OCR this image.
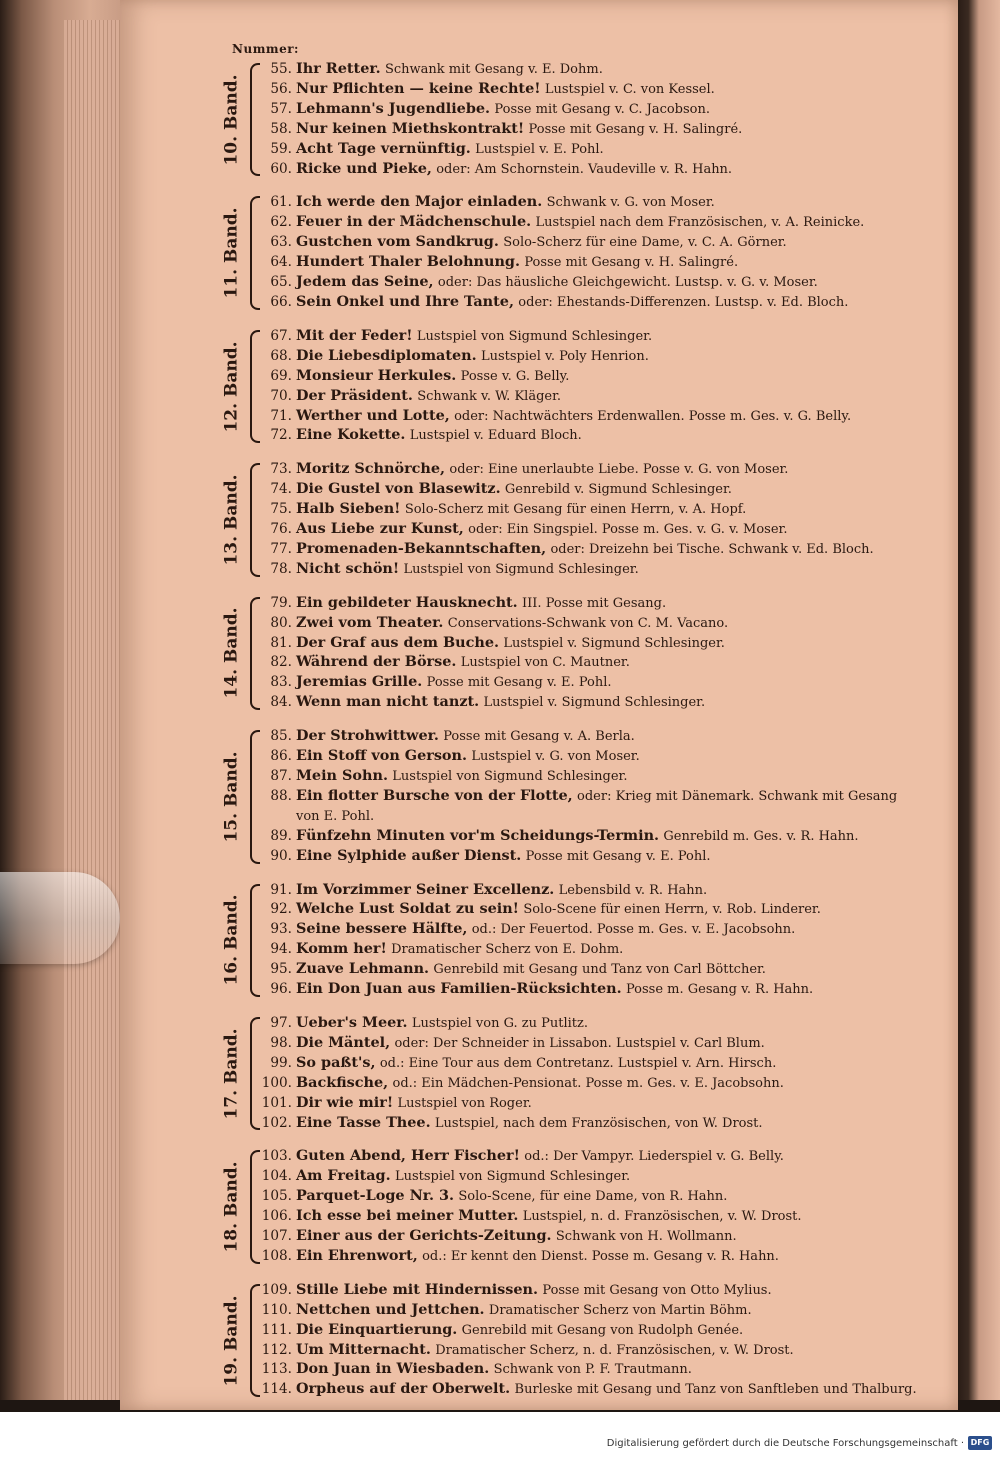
Nummer:
10. Band.
55. Ihr Retter. Schwank mit Gesang v. E. Dohm.
56. Nur Pflichten — keine Rechte! Lustspiel v. C. von Kessel.
57. Lehmann's Jugendliebe. Posse mit Gesang v. C. Jacobson.
58. Nur keinen Miethskontrakt! Posse mit Gesang v. H. Salingré.
59. Acht Tage vernünftig. Lustspiel v. E. Pohl.
60. Ricke und Pieke, oder: Am Schornstein. Vaudeville v. R. Hahn.
11. Band.
61. Ich werde den Major einladen. Schwank v. G. von Moser.
62. Feuer in der Mädchenschule. Lustspiel nach dem Französischen, v. A. Reinicke.
63. Gustchen vom Sandkrug. Solo-Scherz für eine Dame, v. C. A. Görner.
64. Hundert Thaler Belohnung. Posse mit Gesang v. H. Salingré.
65. Jedem das Seine, oder: Das häusliche Gleichgewicht. Lustsp. v. G. v. Moser.
66. Sein Onkel und Ihre Tante, oder: Ehestands-Differenzen. Lustsp. v. Ed. Bloch.
12. Band.
67. Mit der Feder! Lustspiel von Sigmund Schlesinger.
68. Die Liebesdiplomaten. Lustspiel v. Poly Henrion.
69. Monsieur Herkules. Posse v. G. Belly.
70. Der Präsident. Schwank v. W. Kläger.
71. Werther und Lotte, oder: Nachtwächters Erdenwallen. Posse m. Ges. v. G. Belly.
72. Eine Kokette. Lustspiel v. Eduard Bloch.
13. Band.
73. Moritz Schnörche, oder: Eine unerlaubte Liebe. Posse v. G. von Moser.
74. Die Gustel von Blasewitz. Genrebild v. Sigmund Schlesinger.
75. Halb Sieben! Solo-Scherz mit Gesang für einen Herrn, v. A. Hopf.
76. Aus Liebe zur Kunst, oder: Ein Singspiel. Posse m. Ges. v. G. v. Moser.
77. Promenaden-Bekanntschaften, oder: Dreizehn bei Tische. Schwank v. Ed. Bloch.
78. Nicht schön! Lustspiel von Sigmund Schlesinger.
14. Band.
79. Ein gebildeter Hausknecht. III. Posse mit Gesang.
80. Zwei vom Theater. Conservations-Schwank von C. M. Vacano.
81. Der Graf aus dem Buche. Lustspiel v. Sigmund Schlesinger.
82. Während der Börse. Lustspiel von C. Mautner.
83. Jeremias Grille. Posse mit Gesang v. E. Pohl.
84. Wenn man nicht tanzt. Lustspiel v. Sigmund Schlesinger.
15. Band.
85. Der Strohwittwer. Posse mit Gesang v. A. Berla.
86. Ein Stoff von Gerson. Lustspiel v. G. von Moser.
87. Mein Sohn. Lustspiel von Sigmund Schlesinger.
88. Ein flotter Bursche von der Flotte, oder: Krieg mit Dänemark. Schwank mit Gesang von E. Pohl.
89. Fünfzehn Minuten vor'm Scheidungs-Termin. Genrebild m. Ges. v. R. Hahn.
90. Eine Sylphide außer Dienst. Posse mit Gesang v. E. Pohl.
16. Band.
91. Im Vorzimmer Seiner Excellenz. Lebensbild v. R. Hahn.
92. Welche Lust Soldat zu sein! Solo-Scene für einen Herrn, v. Rob. Linderer.
93. Seine bessere Hälfte, od.: Der Feuertod. Posse m. Ges. v. E. Jacobsohn.
94. Komm her! Dramatischer Scherz von E. Dohm.
95. Zuave Lehmann. Genrebild mit Gesang und Tanz von Carl Böttcher.
96. Ein Don Juan aus Familien-Rücksichten. Posse m. Gesang v. R. Hahn.
17. Band.
97. Ueber's Meer. Lustspiel von G. zu Putlitz.
98. Die Mäntel, oder: Der Schneider in Lissabon. Lustspiel v. Carl Blum.
99. So paßt's, od.: Eine Tour aus dem Contretanz. Lustspiel v. Arn. Hirsch.
100. Backfische, od.: Ein Mädchen-Pensionat. Posse m. Ges. v. E. Jacobsohn.
101. Dir wie mir! Lustspiel von Roger.
102. Eine Tasse Thee. Lustspiel, nach dem Französischen, von W. Drost.
18. Band.
103. Guten Abend, Herr Fischer! od.: Der Vampyr. Liederspiel v. G. Belly.
104. Am Freitag. Lustspiel von Sigmund Schlesinger.
105. Parquet-Loge Nr. 3. Solo-Scene, für eine Dame, von R. Hahn.
106. Ich esse bei meiner Mutter. Lustspiel, n. d. Französischen, v. W. Drost.
107. Einer aus der Gerichts-Zeitung. Schwank von H. Wollmann.
108. Ein Ehrenwort, od.: Er kennt den Dienst. Posse m. Gesang v. R. Hahn.
19. Band.
109. Stille Liebe mit Hindernissen. Posse mit Gesang von Otto Mylius.
110. Nettchen und Jettchen. Dramatischer Scherz von Martin Böhm.
111. Die Einquartierung. Genrebild mit Gesang von Rudolph Genée.
112. Um Mitternacht. Dramatischer Scherz, n. d. Französischen, v. W. Drost.
113. Don Juan in Wiesbaden. Schwank von P. F. Trautmann.
114. Orpheus auf der Oberwelt. Burleske mit Gesang und Tanz von Sanftleben und Thalburg.
Digitalisierung gefördert durch die Deutsche Forschungsgemeinschaft · DFG
